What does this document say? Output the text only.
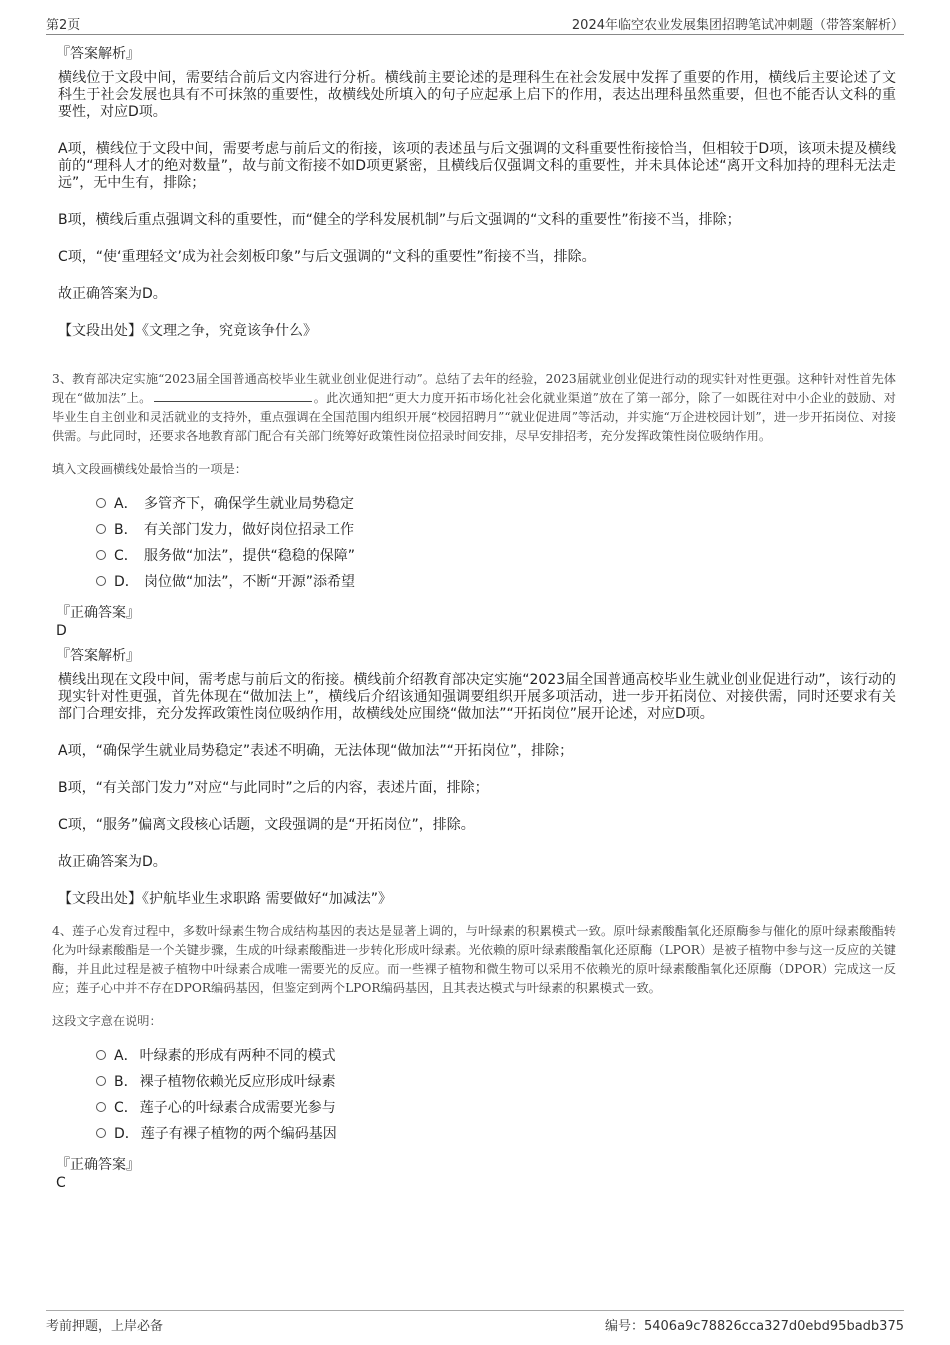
第2页	2024年临空农业发展集团招聘笔试冲刺题（带答案解析）
『答案解析』

横线位于文段中间，需要结合前后文内容进行分析。横线前主要论述的是理科生在社会发展中发挥了重要的作用，横线后主要论述了文科生于社会发展也具有不可抹煞的重要性，故横线处所填入的句子应起承上启下的作用，表达出理科虽然重要，但也不能否认文科的重要性，对应D项。

A项，横线位于文段中间，需要考虑与前后文的衔接，该项的表述虽与后文强调的文科重要性衔接恰当，但相较于D项，该项未提及横线前的“理科人才的绝对数量”，故与前文衔接不如D项更紧密，且横线后仅强调文科的重要性，并未具体论述“离开文科加持的理科无法走远”，无中生有，排除；

B项，横线后重点强调文科的重要性，而“健全的学科发展机制”与后文强调的“文科的重要性”衔接不当，排除；

C项，“使‘重理轻文’成为社会刻板印象”与后文强调的“文科的重要性”衔接不当，排除。

故正确答案为D。

【文段出处】《文理之争，究竟该争什么》

3、教育部决定实施“2023届全国普通高校毕业生就业创业促进行动”。总结了去年的经验，2023届就业创业促进行动的现实针对性更强。这种针对性首先体现在“做加法”上。	。此次通知把“更大力度开拓市场化社会化就业渠道”放在了第一部分，除了一如既往对中小企业的鼓励、对毕业生自主创业和灵活就业的支持外，重点强调在全国范围内组织开展“校园招聘月”“就业促进周”等活动，并实施“万企进校园计划”，进一步开拓岗位、对接供需。与此同时，还要求各地教育部门配合有关部门统筹好政策性岗位招录时间安排，尽早安排招考，充分发挥政策性岗位吸纳作用。
填入文段画横线处最恰当的一项是：
A． 多管齐下，确保学生就业局势稳定
B． 有关部门发力，做好岗位招录工作
C． 服务做“加法”，提供“稳稳的保障”
D． 岗位做“加法”，不断“开源”添希望
『正确答案』
D
『答案解析』

横线出现在文段中间，需考虑与前后文的衔接。横线前介绍教育部决定实施“2023届全国普通高校毕业生就业创业促进行动”，该行动的现实针对性更强，首先体现在“做加法上”，横线后介绍该通知强调要组织开展多项活动，进一步开拓岗位、对接供需，同时还要求有关部门合理安排，充分发挥政策性岗位吸纳作用，故横线处应围绕“做加法”“开拓岗位”展开论述，对应D项。

A项，“确保学生就业局势稳定”表述不明确，无法体现“做加法”“开拓岗位”，排除；

B项，“有关部门发力”对应“与此同时”之后的内容，表述片面，排除；

C项，“服务”偏离文段核心话题，文段强调的是“开拓岗位”，排除。

故正确答案为D。

【文段出处】《护航毕业生求职路 需要做好“加减法”》

4、莲子心发育过程中，多数叶绿素生物合成结构基因的表达是显著上调的，与叶绿素的积累模式一致。原叶绿素酸酯氧化还原酶参与催化的原叶绿素酸酯转化为叶绿素酸酯是一个关键步骤，生成的叶绿素酸酯进一步转化形成叶绿素。光依赖的原叶绿素酸酯氧化还原酶（LPOR）是被子植物中参与这一反应的关键酶，并且此过程是被子植物中叶绿素合成唯一需要光的反应。而一些裸子植物和微生物可以采用不依赖光的原叶绿素酸酯氧化还原酶（DPOR）完成这一反应；莲子心中并不存在DPOR编码基因，但鉴定到两个LPOR编码基因，且其表达模式与叶绿素的积累模式一致。
这段文字意在说明：
A． 叶绿素的形成有两种不同的模式
B． 裸子植物依赖光反应形成叶绿素
C． 莲子心的叶绿素合成需要光参与
D． 莲子有裸子植物的两个编码基因
『正确答案』
C
考前押题，上岸必备	编号：5406a9c78826cca327d0ebd95badb375
